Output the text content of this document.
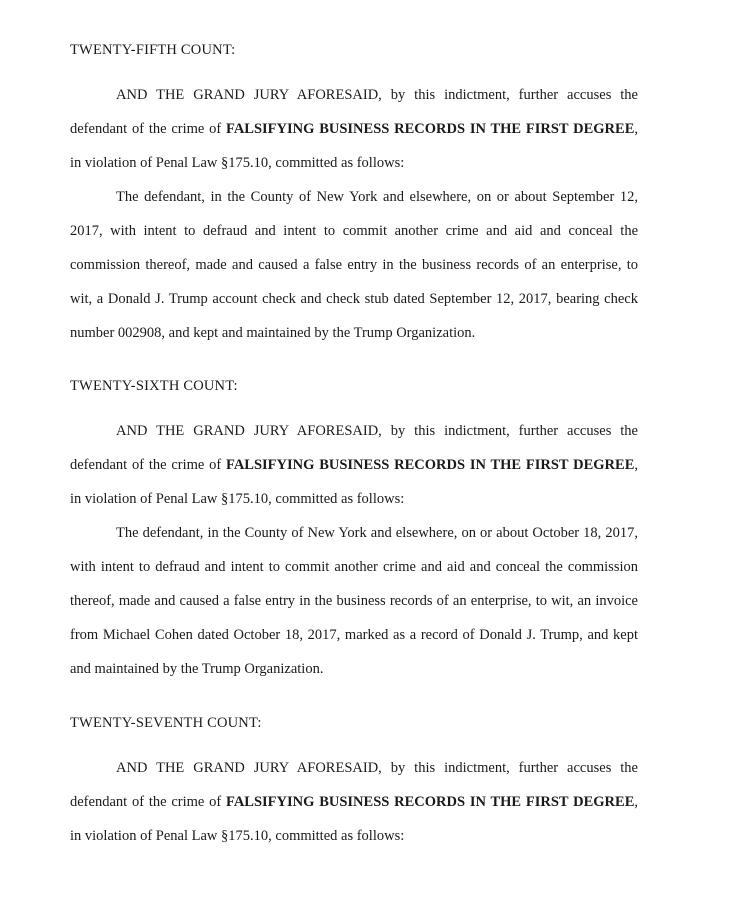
TWENTY-FIFTH COUNT:

AND THE GRAND JURY AFORESAID, by this indictment, further accuses the defendant of the crime of FALSIFYING BUSINESS RECORDS IN THE FIRST DEGREE, in violation of Penal Law §175.10, committed as follows:

The defendant, in the County of New York and elsewhere, on or about September 12, 2017, with intent to defraud and intent to commit another crime and aid and conceal the commission thereof, made and caused a false entry in the business records of an enterprise, to wit, a Donald J. Trump account check and check stub dated September 12, 2017, bearing check number 002908, and kept and maintained by the Trump Organization.

TWENTY-SIXTH COUNT:

AND THE GRAND JURY AFORESAID, by this indictment, further accuses the defendant of the crime of FALSIFYING BUSINESS RECORDS IN THE FIRST DEGREE, in violation of Penal Law §175.10, committed as follows:

The defendant, in the County of New York and elsewhere, on or about October 18, 2017, with intent to defraud and intent to commit another crime and aid and conceal the commission thereof, made and caused a false entry in the business records of an enterprise, to wit, an invoice from Michael Cohen dated October 18, 2017, marked as a record of Donald J. Trump, and kept and maintained by the Trump Organization.

TWENTY-SEVENTH COUNT:

AND THE GRAND JURY AFORESAID, by this indictment, further accuses the defendant of the crime of FALSIFYING BUSINESS RECORDS IN THE FIRST DEGREE, in violation of Penal Law §175.10, committed as follows:
